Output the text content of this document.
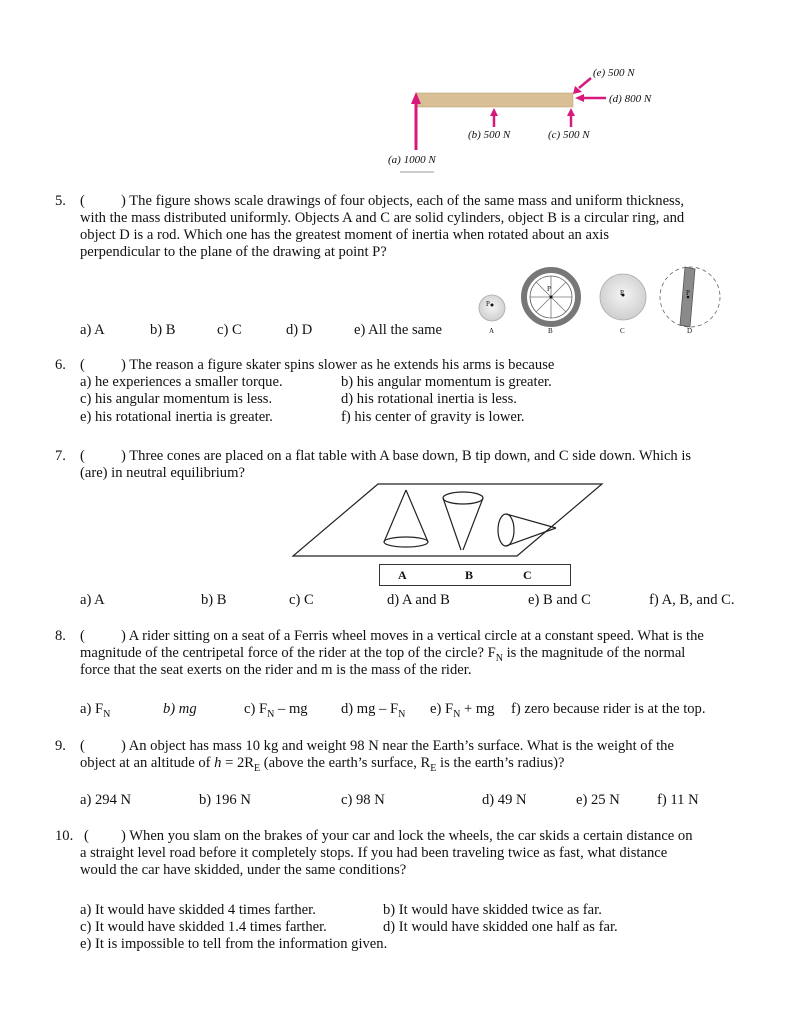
(e) 500 N
(d) 800 N
(b) 500 N	(c) 500 N
(a) 1000 N
5. ( ) The figure shows scale drawings of four objects, each of the same mass and uniform thickness,
with the mass distributed uniformly. Objects A and C are solid cylinders, object B is a circular ring, and
object D is a rod. Which one has the greatest moment of inertia when rotated about an axis
perpendicular to the plane of the drawing at point P?
a) A	b) B	c) C	d) D	e) All the same
P
P	P	P
A	B	C	D
6. ( ) The reason a figure skater spins slower as he extends his arms is because
a) he experiences a smaller torque.	b) his angular momentum is greater.
c) his angular momentum is less.	d) his rotational inertia is less.
e) his rotational inertia is greater.	f) his center of gravity is lower.
7. ( ) Three cones are placed on a flat table with A base down, B tip down, and C side down. Which is
(are) in neutral equilibrium?
A	B	C
a) A	b) B	c) C	d) A and B	e) B and C	f) A, B, and C.
8. ( ) A rider sitting on a seat of a Ferris wheel moves in a vertical circle at a constant speed. What is the
magnitude of the centripetal force of the rider at the top of the circle? $F_N$ is the magnitude of the normal
force that the seat exerts on the rider and m is the mass of the rider.
a) $F_N$	b) mg	c) $F_N$ – mg d) mg – $F_N$ e) $F_N$ + mg f) zero because rider is at the top.
9. ( ) An object has mass 10 kg and weight 98 N near the Earth’s surface. What is the weight of the
object at an altitude of $h = 2R_E$ (above the earth’s surface, $R_E$ is the earth’s radius)?
a) 294 N	b) 196 N	c) 98 N	d) 49 N	e) 25 N	f) 11 N
10. ( ) When you slam on the brakes of your car and lock the wheels, the car skids a certain distance on
a straight level road before it completely stops. If you had been traveling twice as fast, what distance
would the car have skidded, under the same conditions?
a) It would have skidded 4 times farther.	b) It would have skidded twice as far.
c) It would have skidded 1.4 times farther.	d) It would have skidded one half as far.
e) It is impossible to tell from the information given.
